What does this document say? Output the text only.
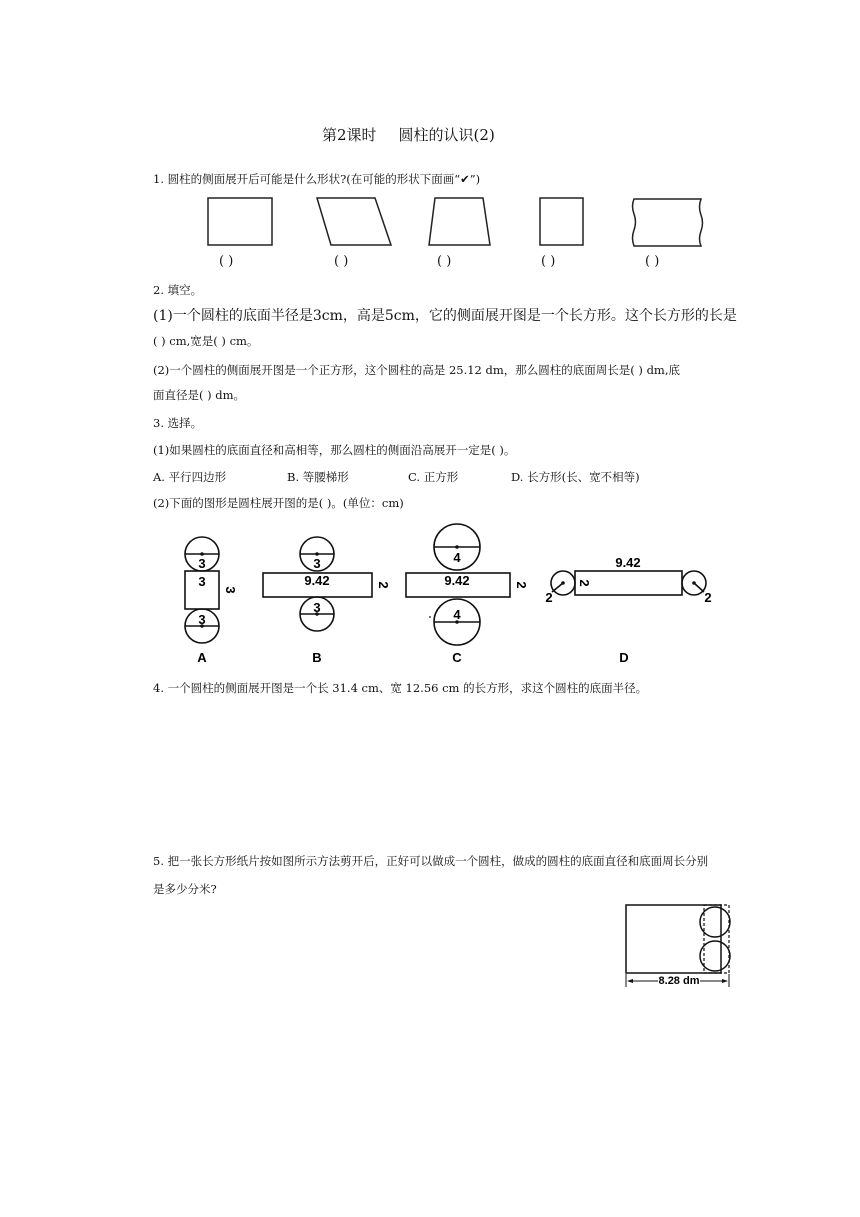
第2课时 圆柱的认识(2)
1. 圆柱的侧面展开后可能是什么形状?(在可能的形状下面画“✔”)
( )	( )	( )	( )	( )
2. 填空。
(1)一个圆柱的底面半径是3cm，高是5cm，它的侧面展开图是一个长方形。这个长方形的长是
( ) cm,宽是( ) cm。
(2)一个圆柱的侧面展开图是一个正方形，这个圆柱的高是 25.12 dm，那么圆柱的底面周长是( ) dm,底
面直径是( ) dm。
3. 选择。
(1)如果圆柱的底面直径和高相等，那么圆柱的侧面沿高展开一定是( )。
A. 平行四边形	B. 等腰梯形	C. 正方形	D. 长方形(长、宽不相等)
(2)下面的图形是圆柱展开图的是( )。(单位：cm)
3
3
3
3
A
3
9.42	2
3
B
4
9.42	2
4
C
9.42
2
2	2
D
4. 一个圆柱的侧面展开图是一个长 31.4 cm、宽 12.56 cm 的长方形，求这个圆柱的底面半径。
5. 把一张长方形纸片按如图所示方法剪开后，正好可以做成一个圆柱，做成的圆柱的底面直径和底面周长分别
是多少分米?
8.28 dm
